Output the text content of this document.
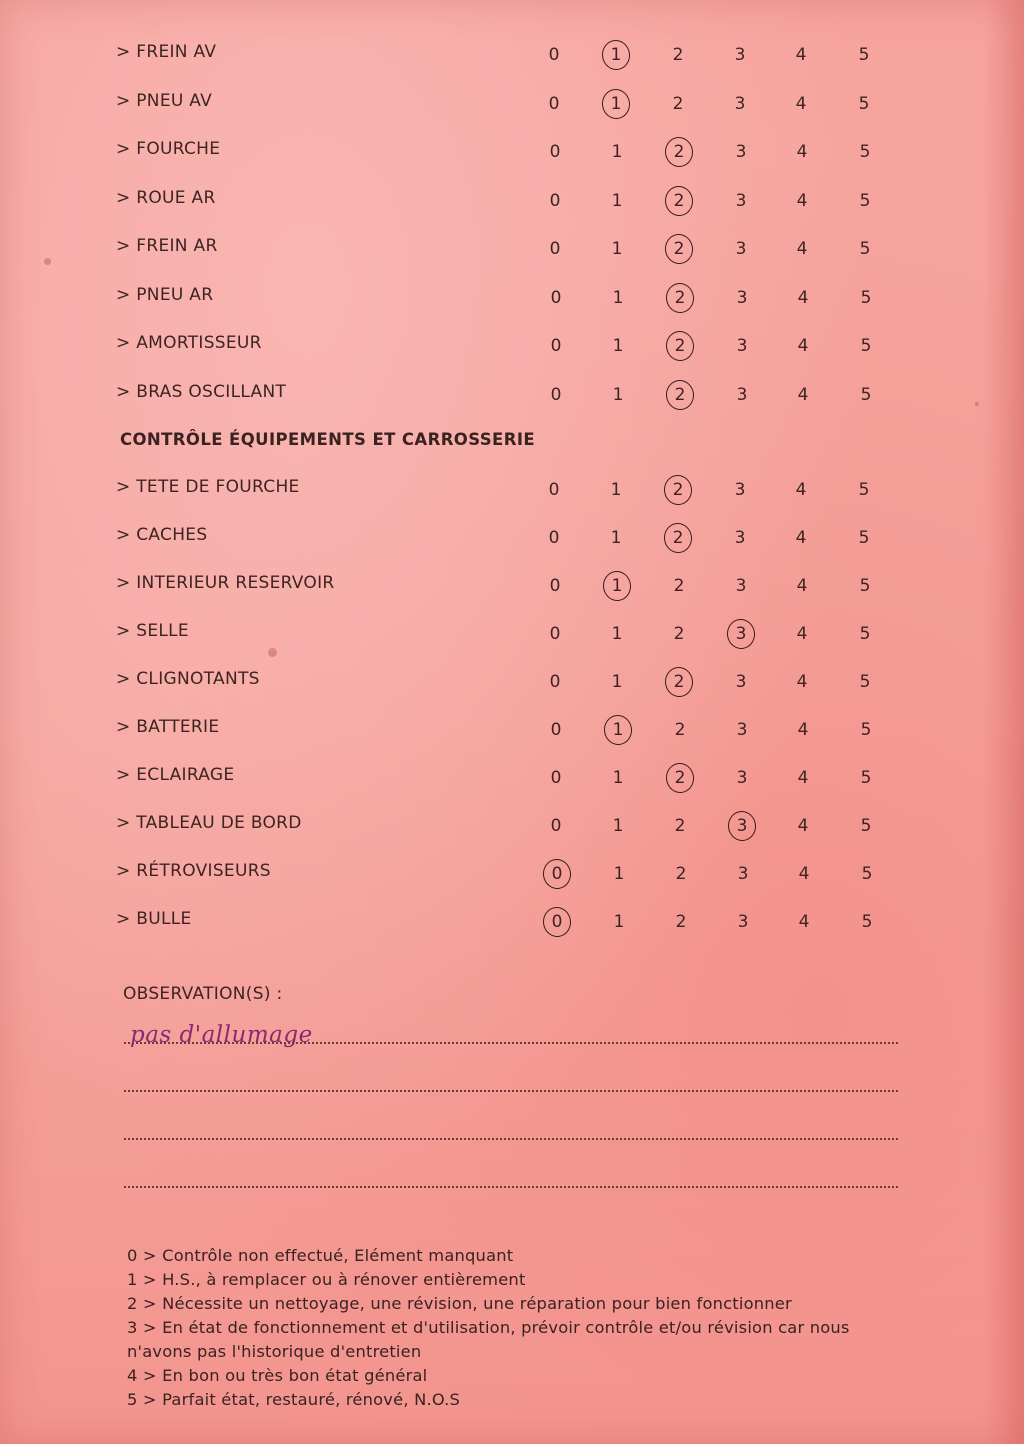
> FREIN AV	0	1	2	3	4	5
> PNEU AV	0	1	2	3	4	5
> FOURCHE	0	1	2	3	4	5
> ROUE AR	0	1	2	3	4	5
> FREIN AR	0	1	2	3	4	5
> PNEU AR	0	1	2	3	4	5
> AMORTISSEUR	0	1	2	3	4	5
> BRAS OSCILLANT	0	1	2	3	4	5
CONTRÔLE ÉQUIPEMENTS ET CARROSSERIE
> TETE DE FOURCHE	0	1	2	3	4	5
> CACHES	0	1	2	3	4	5
> INTERIEUR RESERVOIR	0	1	2	3	4	5
> SELLE	0	1	2	3	4	5
> CLIGNOTANTS	0	1	2	3	4	5
> BATTERIE	0	1	2	3	4	5
> ECLAIRAGE	0	1	2	3	4	5
> TABLEAU DE BORD	0	1	2	3	4	5
> RÉTROVISEURS	0	1	2	3	4	5
> BULLE	0	1	2	3	4	5
OBSERVATION(S) :
pas d'allumage
0 > Contrôle non effectué, Elément manquant
1 > H.S., à remplacer ou à rénover entièrement
2 > Nécessite un nettoyage, une révision, une réparation pour bien fonctionner
3 > En état de fonctionnement et d'utilisation, prévoir contrôle et/ou révision car nous n'avons pas l'historique d'entretien
4 > En bon ou très bon état général
5 > Parfait état, restauré, rénové, N.O.S
